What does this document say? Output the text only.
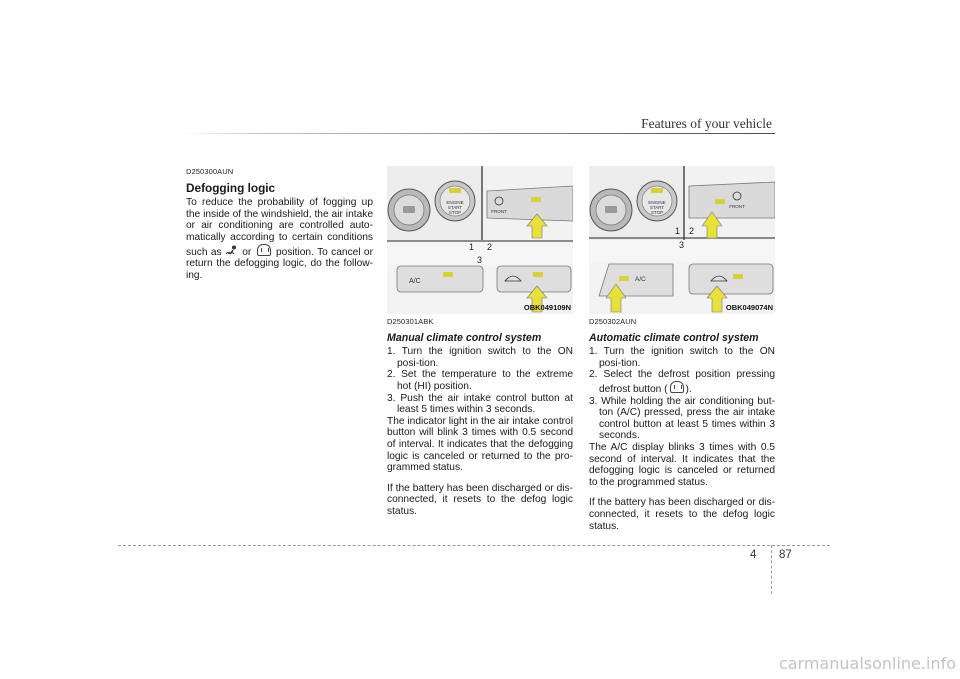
Features of your vehicle
D250300AUN
Defogging logic

To reduce the probability of fogging up the inside of the windshield, the air intake or air conditioning are controlled auto-matically according to certain conditions such as or position. To cancel or return the defogging logic, do the follow-ing.

ENGINE
START
STOP	FRONT
1 2
3
A/C
OBK049109N
ENGINE
START
STOP
FRONT
1 2
3
A/C
OBK049074N
D250301ABK
Manual climate control system
1. Turn the ignition switch to the ON posi-tion.
2. Set the temperature to the extreme hot (HI) position.
3. Push the air intake control button at least 5 times within 3 seconds.

The indicator light in the air intake control button will blink 3 times with 0.5 second of interval. It indicates that the defogging logic is canceled or returned to the pro-grammed status.

If the battery has been discharged or dis-connected, it resets to the defog logic status.

D250302AUN
Automatic climate control system
1. Turn the ignition switch to the ON posi-tion.
2. Select the defrost position pressing defrost button ( ).
3. While holding the air conditioning but-ton (A/C) pressed, press the air intake control button at least 5 times within 3 seconds.

The A/C display blinks 3 times with 0.5 second of interval. It indicates that the defogging logic is canceled or returned to the programmed status.

If the battery has been discharged or dis-connected, it resets to the defog logic status.

4 87
carmanualsonline.info
